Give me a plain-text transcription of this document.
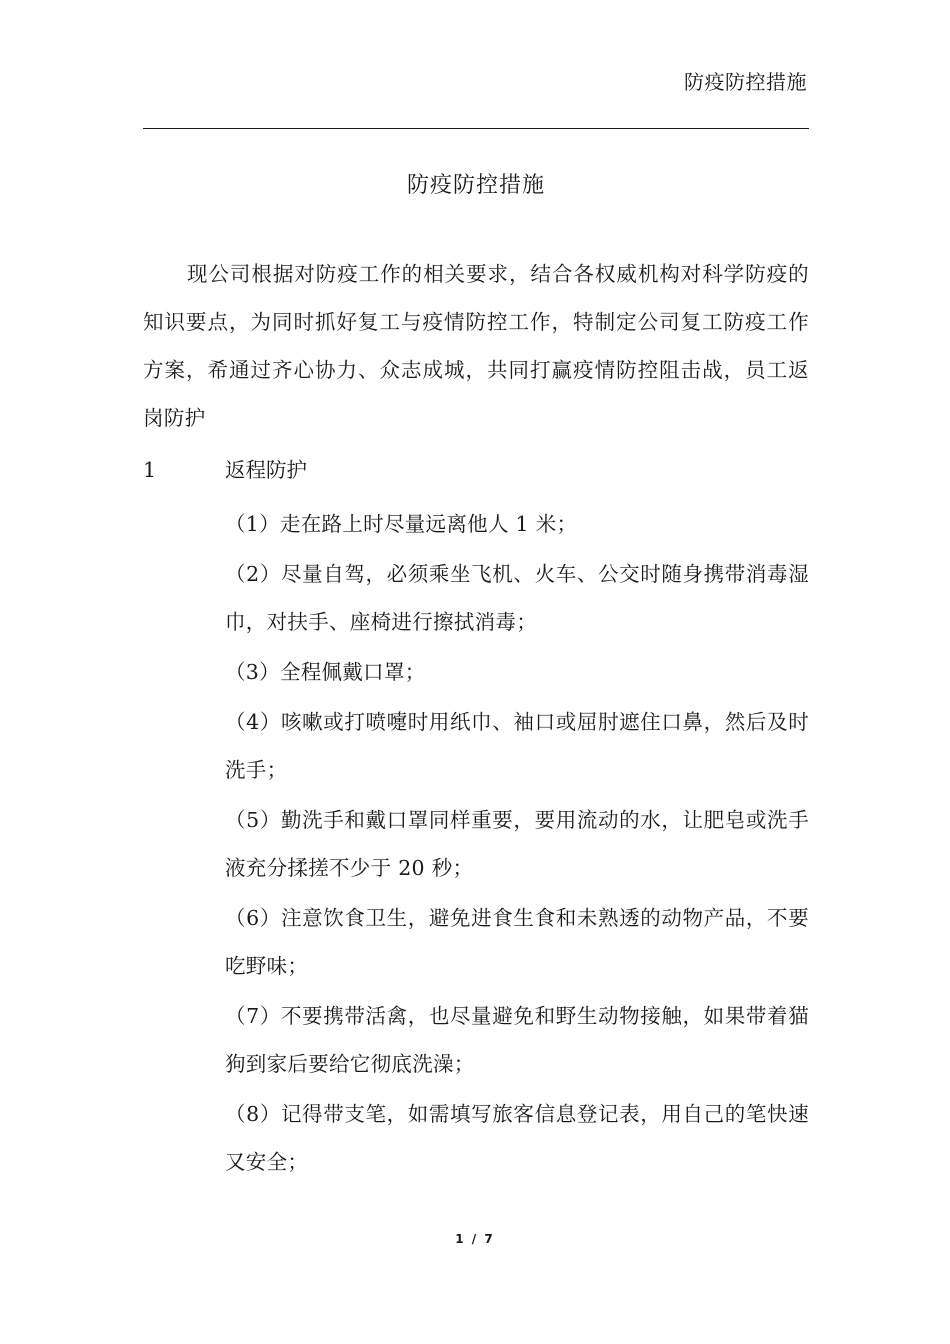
防疫防控措施
防疫防控措施

现公司根据对防疫工作的相关要求，结合各权威机构对科学防疫的知识要点，为同时抓好复工与疫情防控工作，特制定公司复工防疫工作方案，希通过齐心协力、众志成城，共同打赢疫情防控阻击战，员工返岗防护

1	返程防护
（1）走在路上时尽量远离他人 1 米；
（2）尽量自驾，必须乘坐飞机、火车、公交时随身携带消毒湿巾，对扶手、座椅进行擦拭消毒；
（3）全程佩戴口罩；
（4）咳嗽或打喷嚏时用纸巾、袖口或屈肘遮住口鼻，然后及时洗手；
（5）勤洗手和戴口罩同样重要，要用流动的水，让肥皂或洗手液充分揉搓不少于 20 秒；
（6）注意饮食卫生，避免进食生食和未熟透的动物产品，不要吃野味；
（7）不要携带活禽，也尽量避免和野生动物接触，如果带着猫狗到家后要给它彻底洗澡；
（8）记得带支笔，如需填写旅客信息登记表，用自己的笔快速又安全；
1 / 7
